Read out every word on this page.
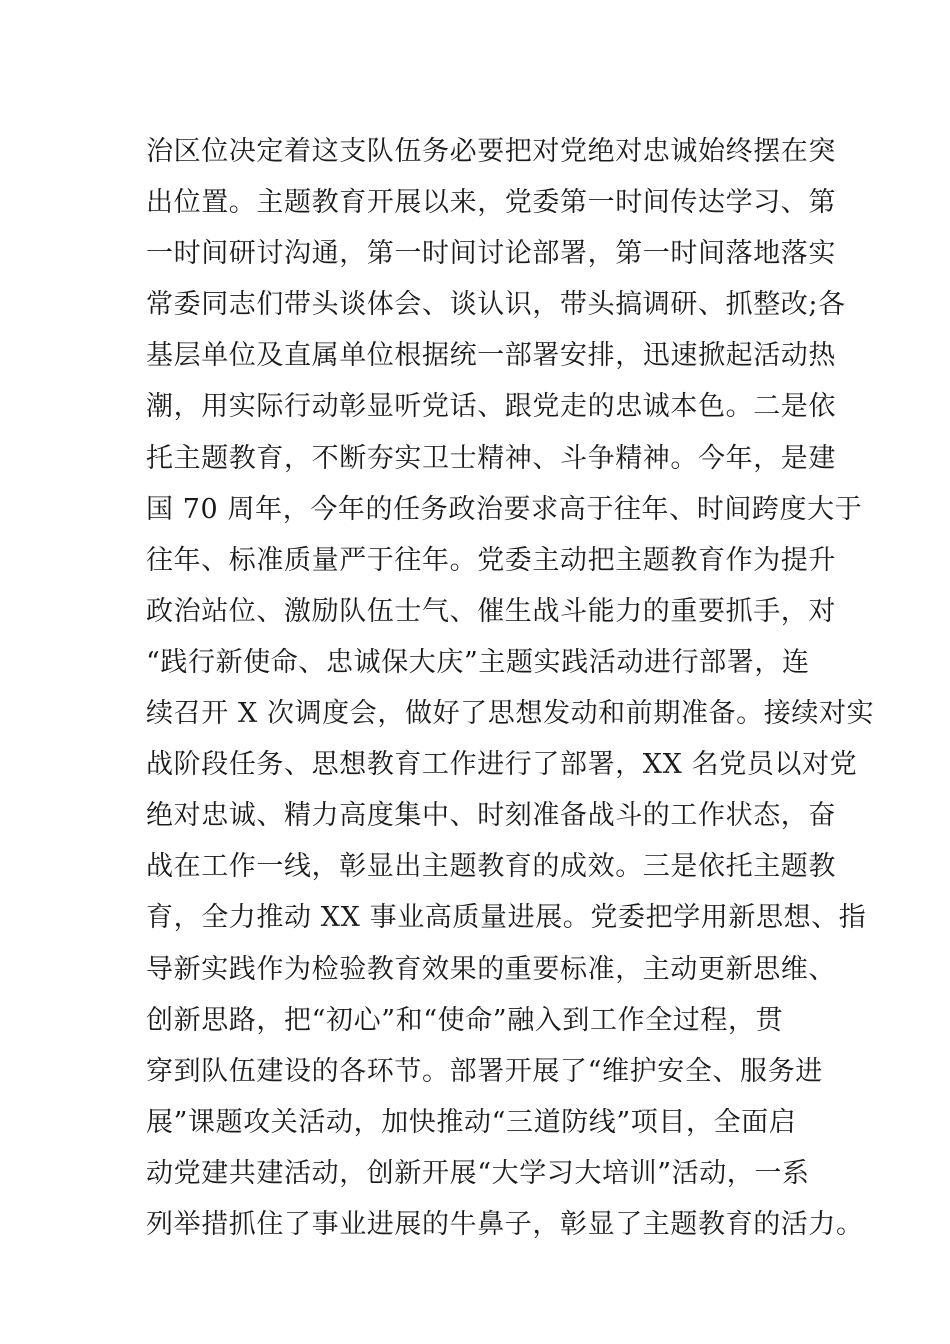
治区位决定着这支队伍务必要把对党绝对忠诚始终摆在突
出位置。主题教育开展以来，党委第一时间传达学习、第
一时间研讨沟通，第一时间讨论部署，第一时间落地落实
常委同志们带头谈体会、谈认识，带头搞调研、抓整改;各
基层单位及直属单位根据统一部署安排，迅速掀起活动热
潮，用实际行动彰显听党话、跟党走的忠诚本色。二是依
托主题教育，不断夯实卫士精神、斗争精神。今年，是建
国 70 周年，今年的任务政治要求高于往年、时间跨度大于
往年、标准质量严于往年。党委主动把主题教育作为提升
政治站位、激励队伍士气、催生战斗能力的重要抓手，对
“践行新使命、忠诚保大庆”主题实践活动进行部署，连
续召开 X 次调度会，做好了思想发动和前期准备。接续对实
战阶段任务、思想教育工作进行了部署，XX 名党员以对党
绝对忠诚、精力高度集中、时刻准备战斗的工作状态，奋
战在工作一线，彰显出主题教育的成效。三是依托主题教
育，全力推动 XX 事业高质量进展。党委把学用新思想、指
导新实践作为检验教育效果的重要标准，主动更新思维、
创新思路，把“初心”和“使命”融入到工作全过程，贯
穿到队伍建设的各环节。部署开展了“维护安全、服务进
展”课题攻关活动，加快推动“三道防线”项目，全面启
动党建共建活动，创新开展“大学习大培训”活动，一系
列举措抓住了事业进展的牛鼻子，彰显了主题教育的活力。
